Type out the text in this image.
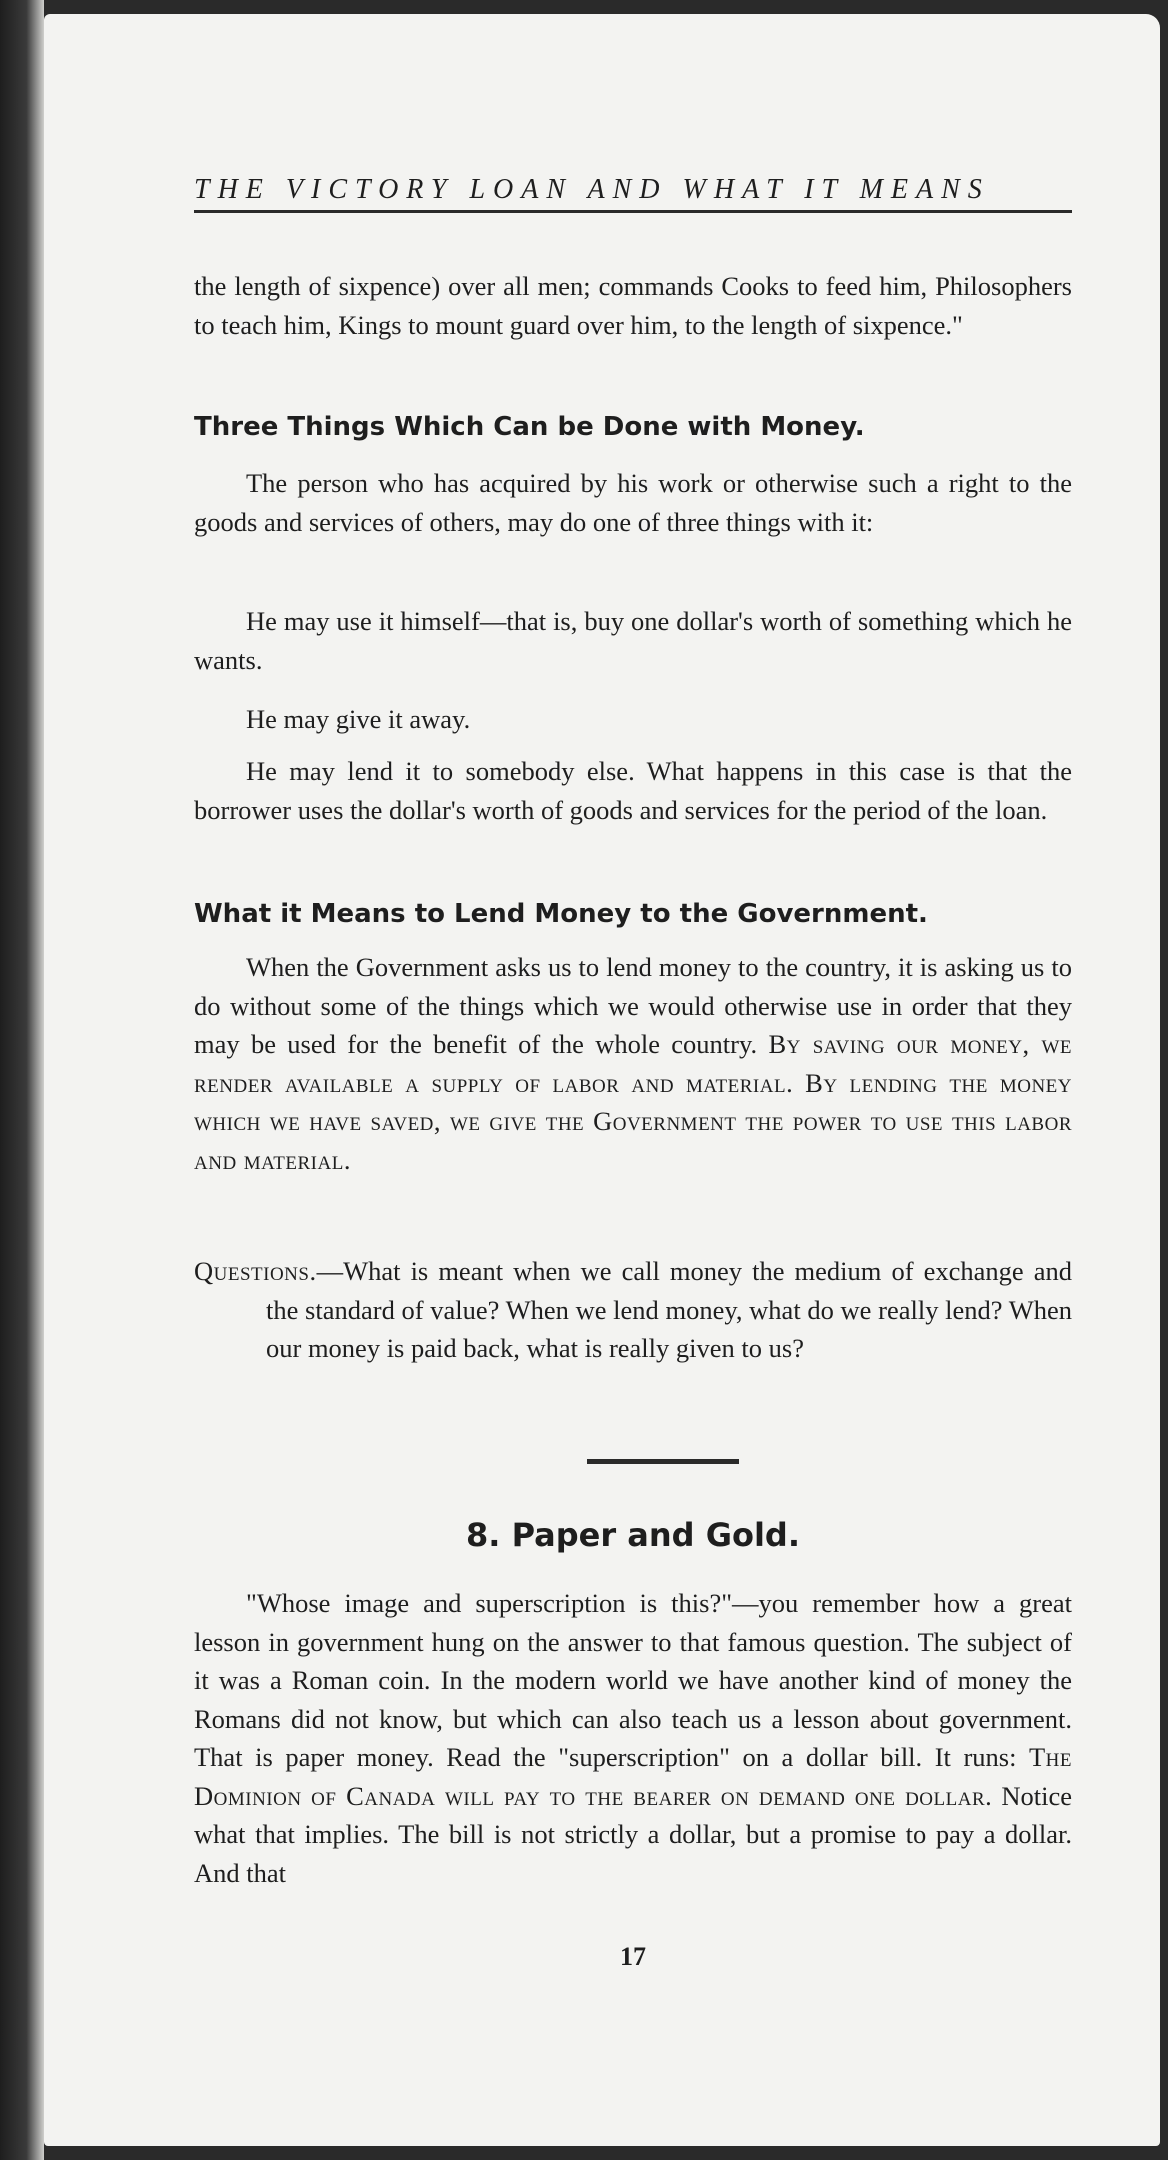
THE VICTORY LOAN AND WHAT IT MEANS

the length of sixpence) over all men; commands Cooks to feed him, Philosophers to teach him, Kings to mount guard over him, to the length of sixpence."

Three Things Which Can be Done with Money.

The person who has acquired by his work or otherwise such a right to the goods and services of others, may do one of three things with it:

He may use it himself—that is, buy one dollar's worth of something which he wants.

He may give it away.

He may lend it to somebody else. What happens in this case is that the borrower uses the dollar's worth of goods and services for the period of the loan.

What it Means to Lend Money to the Government.

When the Government asks us to lend money to the country, it is asking us to do without some of the things which we would otherwise use in order that they may be used for the benefit of the whole country. By saving our money, we render available a supply of labor and material. By lending the money which we have saved, we give the Government the power to use this labor and material.

Questions.—What is meant when we call money the medium of exchange and the standard of value? When we lend money, what do we really lend? When our money is paid back, what is really given to us?

8. Paper and Gold.

"Whose image and superscription is this?"—you remember how a great lesson in government hung on the answer to that famous question. The subject of it was a Roman coin. In the modern world we have another kind of money the Romans did not know, but which can also teach us a lesson about government. That is paper money. Read the "superscription" on a dollar bill. It runs: The Dominion of Canada will pay to the bearer on demand one dollar. Notice what that implies. The bill is not strictly a dollar, but a promise to pay a dollar. And that

17
